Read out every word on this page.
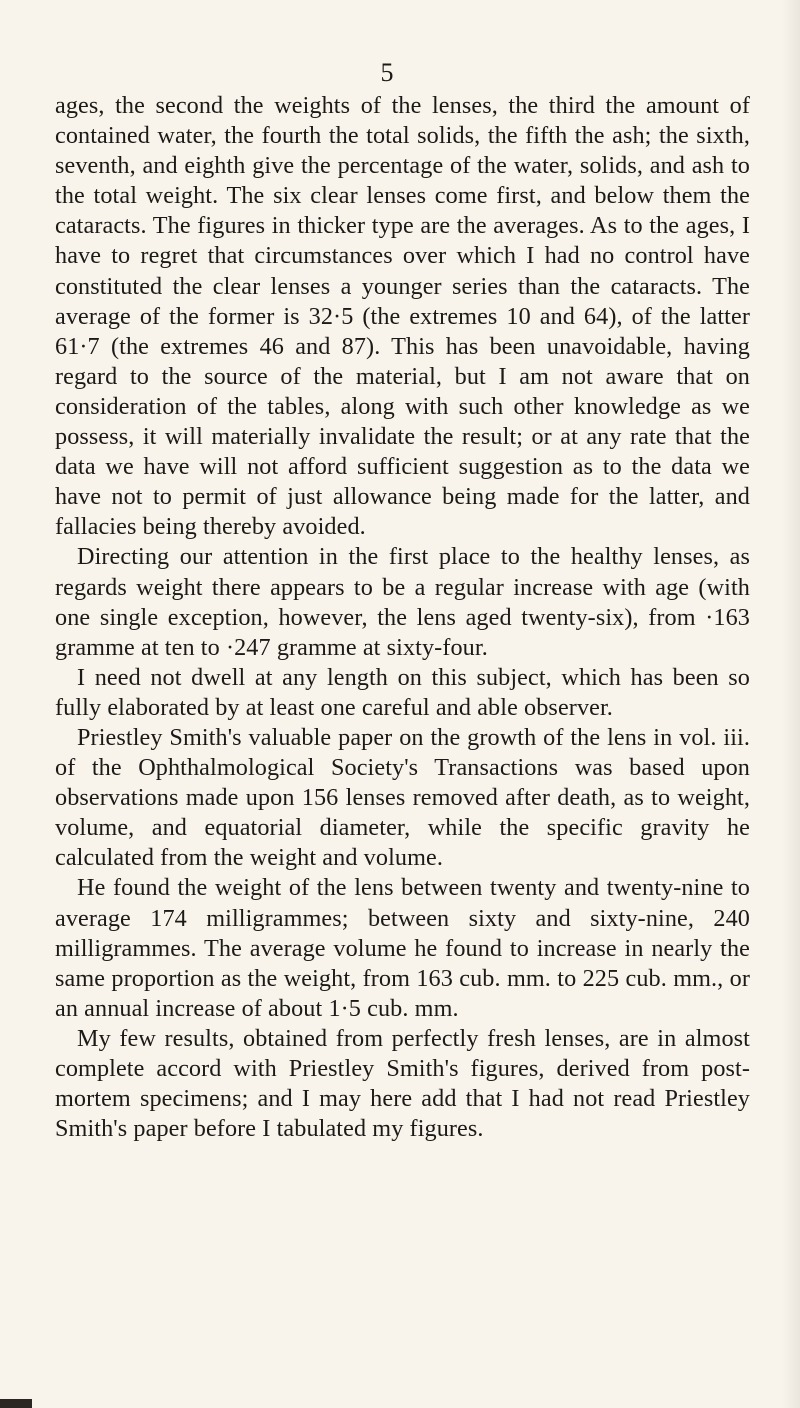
5

ages, the second the weights of the lenses, the third the amount of contained water, the fourth the total solids, the fifth the ash; the sixth, seventh, and eighth give the percentage of the water, solids, and ash to the total weight. The six clear lenses come first, and below them the cataracts. The figures in thicker type are the averages. As to the ages, I have to regret that circumstances over which I had no control have constituted the clear lenses a younger series than the cataracts. The average of the former is 32·5 (the extremes 10 and 64), of the latter 61·7 (the extremes 46 and 87). This has been unavoidable, having regard to the source of the material, but I am not aware that on consideration of the tables, along with such other knowledge as we possess, it will materially invalidate the result; or at any rate that the data we have will not afford sufficient suggestion as to the data we have not to permit of just allowance being made for the latter, and fallacies being thereby avoided.

Directing our attention in the first place to the healthy lenses, as regards weight there appears to be a regular increase with age (with one single exception, however, the lens aged twenty-six), from ·163 gramme at ten to ·247 gramme at sixty-four.

I need not dwell at any length on this subject, which has been so fully elaborated by at least one careful and able observer.

Priestley Smith's valuable paper on the growth of the lens in vol. iii. of the Ophthalmological Society's Transactions was based upon observations made upon 156 lenses removed after death, as to weight, volume, and equatorial diameter, while the specific gravity he calculated from the weight and volume.

He found the weight of the lens between twenty and twenty-nine to average 174 milligrammes; between sixty and sixty-nine, 240 milligrammes. The average volume he found to increase in nearly the same proportion as the weight, from 163 cub. mm. to 225 cub. mm., or an annual increase of about 1·5 cub. mm.

My few results, obtained from perfectly fresh lenses, are in almost complete accord with Priestley Smith's figures, derived from post-mortem specimens; and I may here add that I had not read Priestley Smith's paper before I tabulated my figures.
